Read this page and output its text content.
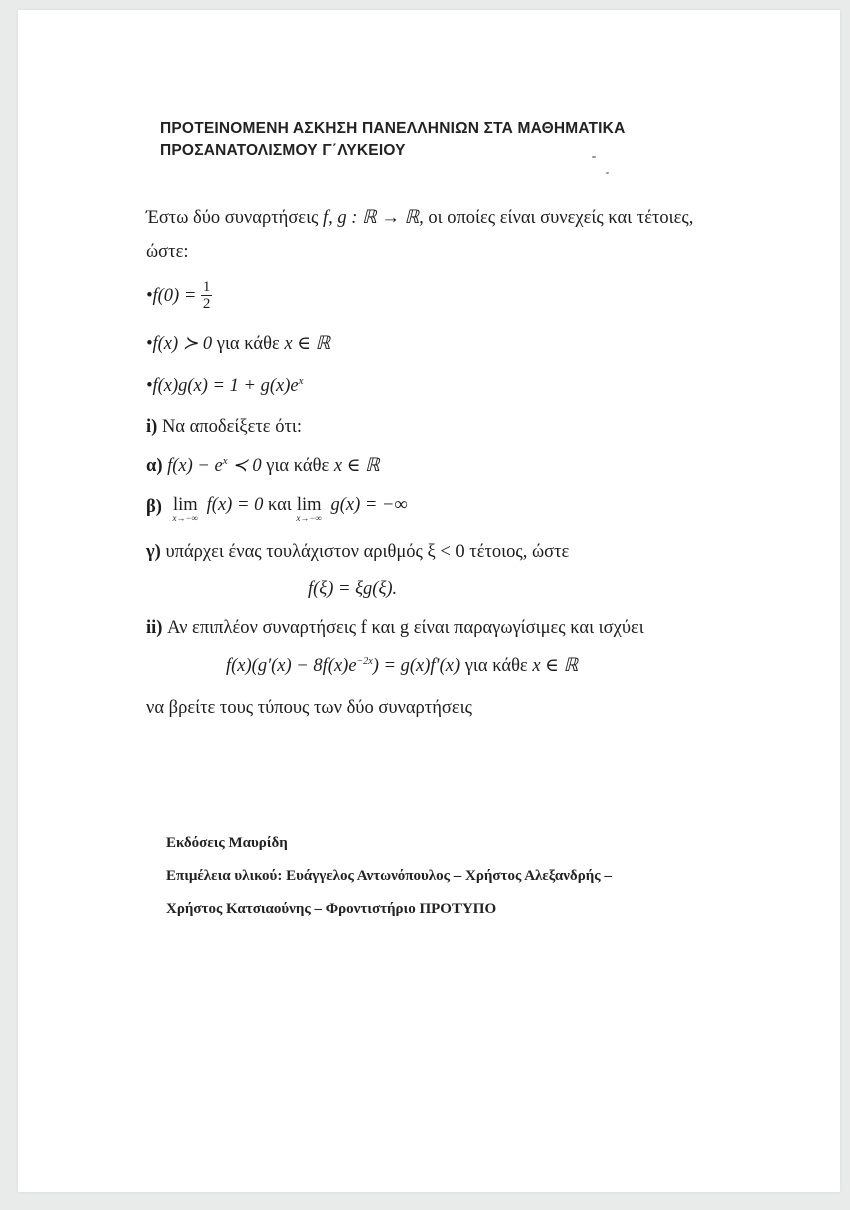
ΠΡΟΤΕΙΝΟΜΕΝΗ ΑΣΚΗΣΗ ΠΑΝΕΛΛΗΝΙΩΝ ΣΤΑ ΜΑΘΗΜΑΤΙΚΑ
ΠΡΟΣΑΝΑΤΟΛΙΣΜΟΥ Γ΄ΛΥΚΕΙΟΥ
Έστω δύο συναρτήσεις f, g : ℝ → ℝ, οι οποίες είναι συνεχείς και τέτοιες,
ώστε:
•f(0) = $\frac{1}{2}$
•f(x) ≻ 0 για κάθε x ∈ ℝ
•f(x)g(x) = $1 + g(x)e^x$
i) Να αποδείξετε ότι:
α) $f(x) - e^x$ ≺ 0 για κάθε x ∈ ℝ
β) lim
x→−∞
f(x) = 0 και lim
x→−∞
g(x) = −∞
γ) υπάρχει ένας τουλάχιστον αριθμός ξ < 0 τέτοιος, ώστε
f(ξ) = ξg(ξ).
ii) Αν επιπλέον συναρτήσεις f και g είναι παραγωγίσιμες και ισχύει
$f(x)(g'(x) - 8f(x)e^{-2x}) = g(x)f'(x)$ για κάθε x ∈ ℝ
να βρείτε τους τύπους των δύο συναρτήσεις
Εκδόσεις Μαυρίδη
Επιμέλεια υλικού: Ευάγγελος Αντωνόπουλος – Χρήστος Αλεξανδρής –
Χρήστος Κατσιαούνης – Φροντιστήριο ΠΡΟΤΥΠΟ
